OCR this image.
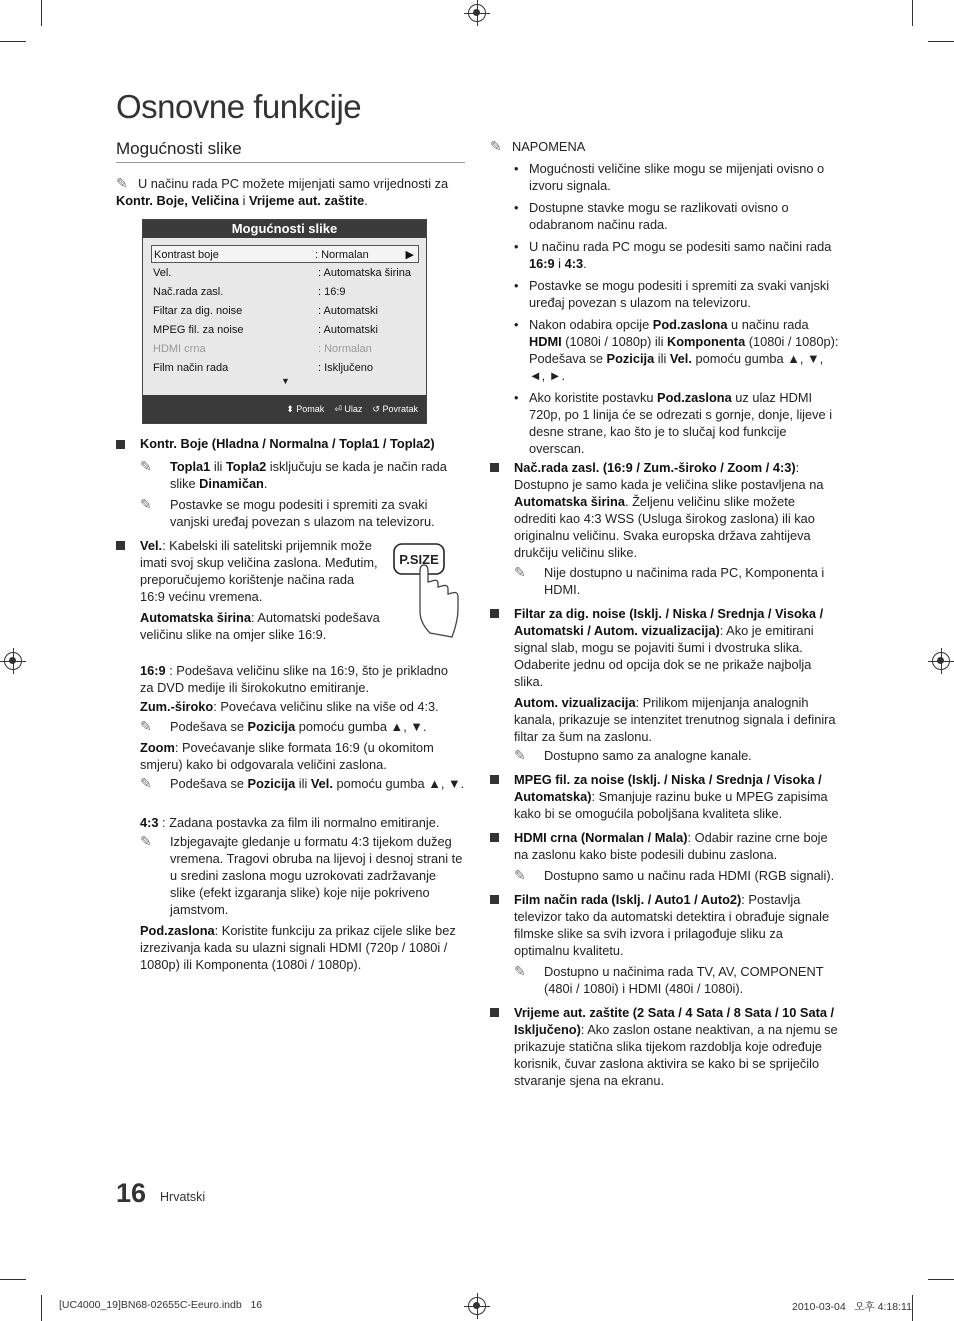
Osnovne funkcije
Mogućnosti slike
✎ U načinu rada PC možete mijenjati samo vrijednosti za
Kontr. Boje, Veličina i Vrijeme aut. zaštite.
Mogućnosti slike
Kontrast boje	: Normalan	▶
Vel.	: Automatska širina
Nač.rada zasl.	: 16:9
Filtar za dig. noise	: Automatski
MPEG fil. za noise	: Automatski
HDMI crna	: Normalan
Film način rada	: Isključeno
▼
⬍ Pomak ⏎ Ulaz ↺ Povratak
Kontr. Boje (Hladna / Normalna / Topla1 / Topla2)
✎	Topla1 ili Topla2 isključuju se kada je način rada slike Dinamičan.
✎	Postavke se mogu podesiti i spremiti za svaki vanjski uređaj povezan s ulazom na televizoru.
Vel.: Kabelski ili satelitski prijemnik može imati svoj skup veličina zaslona. Međutim, preporučujemo korištenje načina rada 16:9 većinu vremena.
P.SIZE
Automatska širina: Automatski podešava veličinu slike na omjer slike 16:9.
16:9 : Podešava veličinu slike na 16:9, što je prikladno za DVD medije ili širokokutno emitiranje.
Zum.-široko: Povećava veličinu slike na više od 4:3.
✎	Podešava se Pozicija pomoću gumba ▲, ▼.
Zoom: Povećavanje slike formata 16:9 (u okomitom smjeru) kako bi odgovarala veličini zaslona.
✎	Podešava se Pozicija ili Vel. pomoću gumba ▲, ▼.
4:3 : Zadana postavka za film ili normalno emitiranje.
✎	Izbjegavajte gledanje u formatu 4:3 tijekom dužeg vremena. Tragovi obruba na lijevoj i desnoj strani te u sredini zaslona mogu uzrokovati zadržavanje slike (efekt izgaranja slike) koje nije pokriveno jamstvom.
Pod.zaslona: Koristite funkciju za prikaz cijele slike bez izrezivanja kada su ulazni signali HDMI (720p / 1080i / 1080p) ili Komponenta (1080i / 1080p).
✎ NAPOMENA
• Mogućnosti veličine slike mogu se mijenjati ovisno o izvoru signala.
• Dostupne stavke mogu se razlikovati ovisno o odabranom načinu rada.
• U načinu rada PC mogu se podesiti samo načini rada 16:9 i 4:3.
• Postavke se mogu podesiti i spremiti za svaki vanjski uređaj povezan s ulazom na televizoru.
• Nakon odabira opcije Pod.zaslona u načinu rada HDMI (1080i / 1080p) ili Komponenta (1080i / 1080p): Podešava se Pozicija ili Vel. pomoću gumba ▲, ▼, ◄, ►.
• Ako koristite postavku Pod.zaslona uz ulaz HDMI 720p, po 1 linija će se odrezati s gornje, donje, lijeve i desne strane, kao što je to slučaj kod funkcije overscan.
Nač.rada zasl. (16:9 / Zum.-široko / Zoom / 4:3): Dostupno je samo kada je veličina slike postavljena na Automatska širina. Željenu veličinu slike možete odrediti kao 4:3 WSS (Usluga širokog zaslona) ili kao originalnu veličinu. Svaka europska država zahtijeva drukčiju veličinu slike.
✎	Nije dostupno u načinima rada PC, Komponenta i HDMI.
Filtar za dig. noise (Isklj. / Niska / Srednja / Visoka / Automatski / Autom. vizualizacija): Ako je emitirani signal slab, mogu se pojaviti šumi i dvostruka slika. Odaberite jednu od opcija dok se ne prikaže najbolja slika.
Autom. vizualizacija: Prilikom mijenjanja analognih kanala, prikazuje se intenzitet trenutnog signala i definira filtar za šum na zaslonu.
✎	Dostupno samo za analogne kanale.
MPEG fil. za noise (Isklj. / Niska / Srednja / Visoka / Automatska): Smanjuje razinu buke u MPEG zapisima kako bi se omogućila poboljšana kvaliteta slike.
HDMI crna (Normalan / Mala): Odabir razine crne boje na zaslonu kako biste podesili dubinu zaslona.
✎	Dostupno samo u načinu rada HDMI (RGB signali).
Film način rada (Isklj. / Auto1 / Auto2): Postavlja televizor tako da automatski detektira i obrađuje signale filmske slike sa svih izvora i prilagođuje sliku za optimalnu kvalitetu.
✎	Dostupno u načinima rada TV, AV, COMPONENT (480i / 1080i) i HDMI (480i / 1080i).
Vrijeme aut. zaštite (2 Sata / 4 Sata / 8 Sata / 10 Sata / Isključeno): Ako zaslon ostane neaktivan, a na njemu se prikazuje statična slika tijekom razdoblja koje određuje korisnik, čuvar zaslona aktivira se kako bi se spriječilo stvaranje sjena na ekranu.
16 Hrvatski
[UC4000_19]BN68-02655C-Eeuro.indb   16	2010-03-04   오후 4:18:11
